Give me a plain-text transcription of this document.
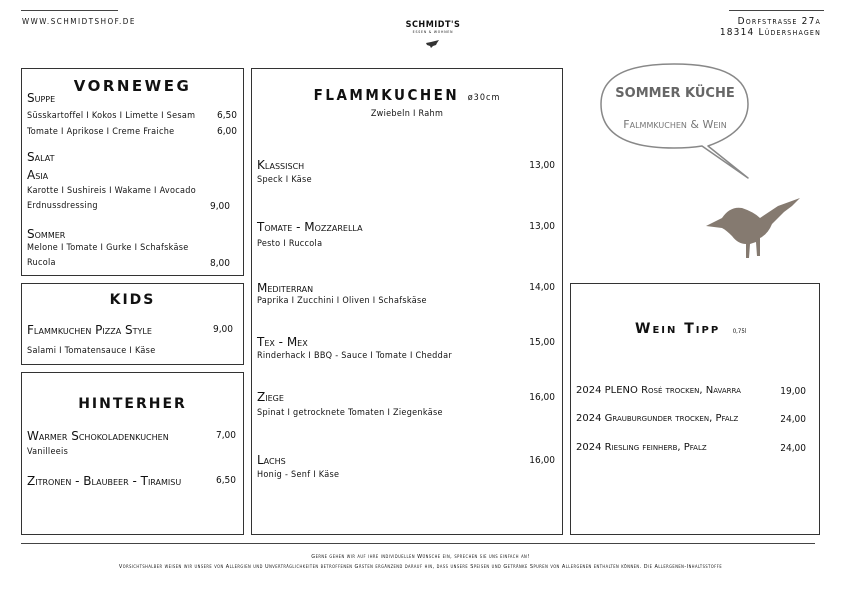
WWW.SCHMIDTSHOF.DE	SCHMIDT'S
ESSEN & WOHNEN
Dorfstraße 27a
18314 Lüdershagen
VORNEWEG
Suppe
Süsskartoffel I Kokos I Limette I Sesam	6,50
Tomate I Aprikose I Creme Fraiche	6,00
Salat
Asia
Karotte I Sushireis I Wakame I Avocado
Erdnussdressing	9,00
Sommer
Melone I Tomate I Gurke I Schafskäse
Rucola	8,00
KIDS
Flammkuchen Pizza Style	9,00
Salami I Tomatensauce I Käse
HINTERHER
Warmer Schokoladenkuchen	7,00
Vanilleeis
Zitronen - Blaubeer - Tiramisu	6,50
FLAMMKUCHEN ø30cm
Zwiebeln I Rahm
Klassisch
Speck I Käse
13,00
Tomate - Mozzarella
Pesto I Ruccola
13,00
Mediterran
Paprika I Zucchini I Oliven I Schafskäse
14,00
Tex - Mex
Rinderhack I BBQ - Sauce I Tomate I Cheddar
15,00
Ziege
Spinat I getrocknete Tomaten I Ziegenkäse
16,00
Lachs
Honig - Senf I Käse
16,00
SOMMER KÜCHE
Falmmkuchen & Wein
Wein Tipp 0,75l
2024 PLENO Rosé trocken, Navarra	19,00
2024 Grauburgunder trocken, Pfalz	24,00
2024 Riesling feinherb, Pfalz	24,00
Gerne gehen wir auf ihre individuellen Wünsche ein, sprechen sie uns einfach an!
Vorsichtshalber weisen wir unsere von Allergien und Unverträglichkeiten betroffenen Gästen ergänzend darauf hin, dass unsere Speisen und Getränke Spuren von Allergenen enthalten können. Die Allergenen-Inhaltsstoffe
